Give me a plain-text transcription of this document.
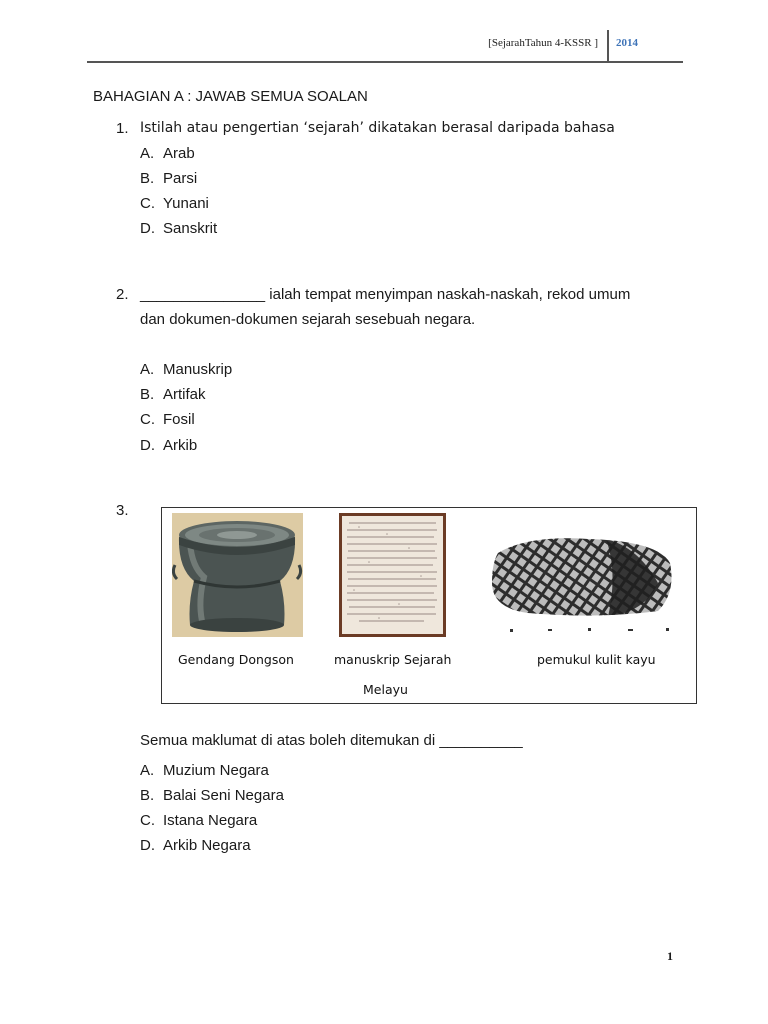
[SejarahTahun 4-KSSR ] 2014
BAHAGIAN A : JAWAB SEMUA SOALAN
1. Istilah atau pengertian ‘sejarah’ dikatakan berasal daripada bahasa
A. Arab
B. Parsi
C. Yunani
D. Sanskrit
2. _______________ ialah tempat menyimpan naskah-naskah, rekod umum
dan dokumen-dokumen sejarah sesebuah negara.
A. Manuskrip
B. Artifak
C. Fosil
D. Arkib
3.
Gendang Dongson	manuskrip Sejarah
Melayu
pemukul kulit kayu
Semua maklumat di atas boleh ditemukan di __________
A. Muzium Negara
B. Balai Seni Negara
C. Istana Negara
D. Arkib Negara
1
